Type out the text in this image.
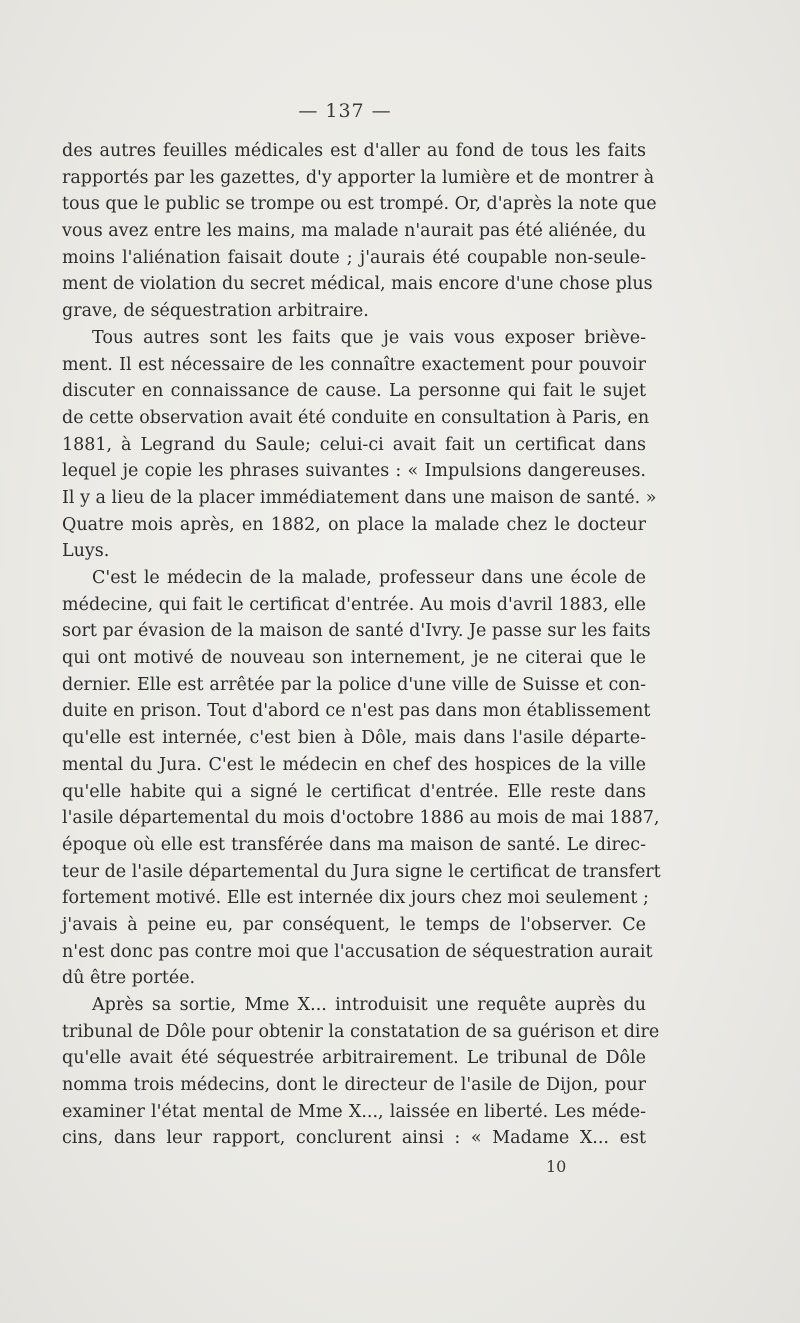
— 137 —
des autres feuilles médicales est d'aller au fond de tous les faits
rapportés par les gazettes, d'y apporter la lumière et de montrer à
tous que le public se trompe ou est trompé. Or, d'après la note que
vous avez entre les mains, ma malade n'aurait pas été aliénée, du
moins l'aliénation faisait doute ; j'aurais été coupable non-seule-
ment de violation du secret médical, mais encore d'une chose plus
grave, de séquestration arbitraire.
Tous autres sont les faits que je vais vous exposer briève-
ment. Il est nécessaire de les connaître exactement pour pouvoir
discuter en connaissance de cause. La personne qui fait le sujet
de cette observation avait été conduite en consultation à Paris, en
1881, à Legrand du Saule; celui-ci avait fait un certificat dans
lequel je copie les phrases suivantes : « Impulsions dangereuses.
Il y a lieu de la placer immédiatement dans une maison de santé. »
Quatre mois après, en 1882, on place la malade chez le docteur
Luys.
C'est le médecin de la malade, professeur dans une école de
médecine, qui fait le certificat d'entrée. Au mois d'avril 1883, elle
sort par évasion de la maison de santé d'Ivry. Je passe sur les faits
qui ont motivé de nouveau son internement, je ne citerai que le
dernier. Elle est arrêtée par la police d'une ville de Suisse et con-
duite en prison. Tout d'abord ce n'est pas dans mon établissement
qu'elle est internée, c'est bien à Dôle, mais dans l'asile départe-
mental du Jura. C'est le médecin en chef des hospices de la ville
qu'elle habite qui a signé le certificat d'entrée. Elle reste dans
l'asile départemental du mois d'octobre 1886 au mois de mai 1887,
époque où elle est transférée dans ma maison de santé. Le direc-
teur de l'asile départemental du Jura signe le certificat de transfert
fortement motivé. Elle est internée dix jours chez moi seulement ;
j'avais à peine eu, par conséquent, le temps de l'observer. Ce
n'est donc pas contre moi que l'accusation de séquestration aurait
dû être portée.
Après sa sortie, Mme X... introduisit une requête auprès du
tribunal de Dôle pour obtenir la constatation de sa guérison et dire
qu'elle avait été séquestrée arbitrairement. Le tribunal de Dôle
nomma trois médecins, dont le directeur de l'asile de Dijon, pour
examiner l'état mental de Mme X..., laissée en liberté. Les méde-
cins, dans leur rapport, conclurent ainsi : « Madame X... est
10
